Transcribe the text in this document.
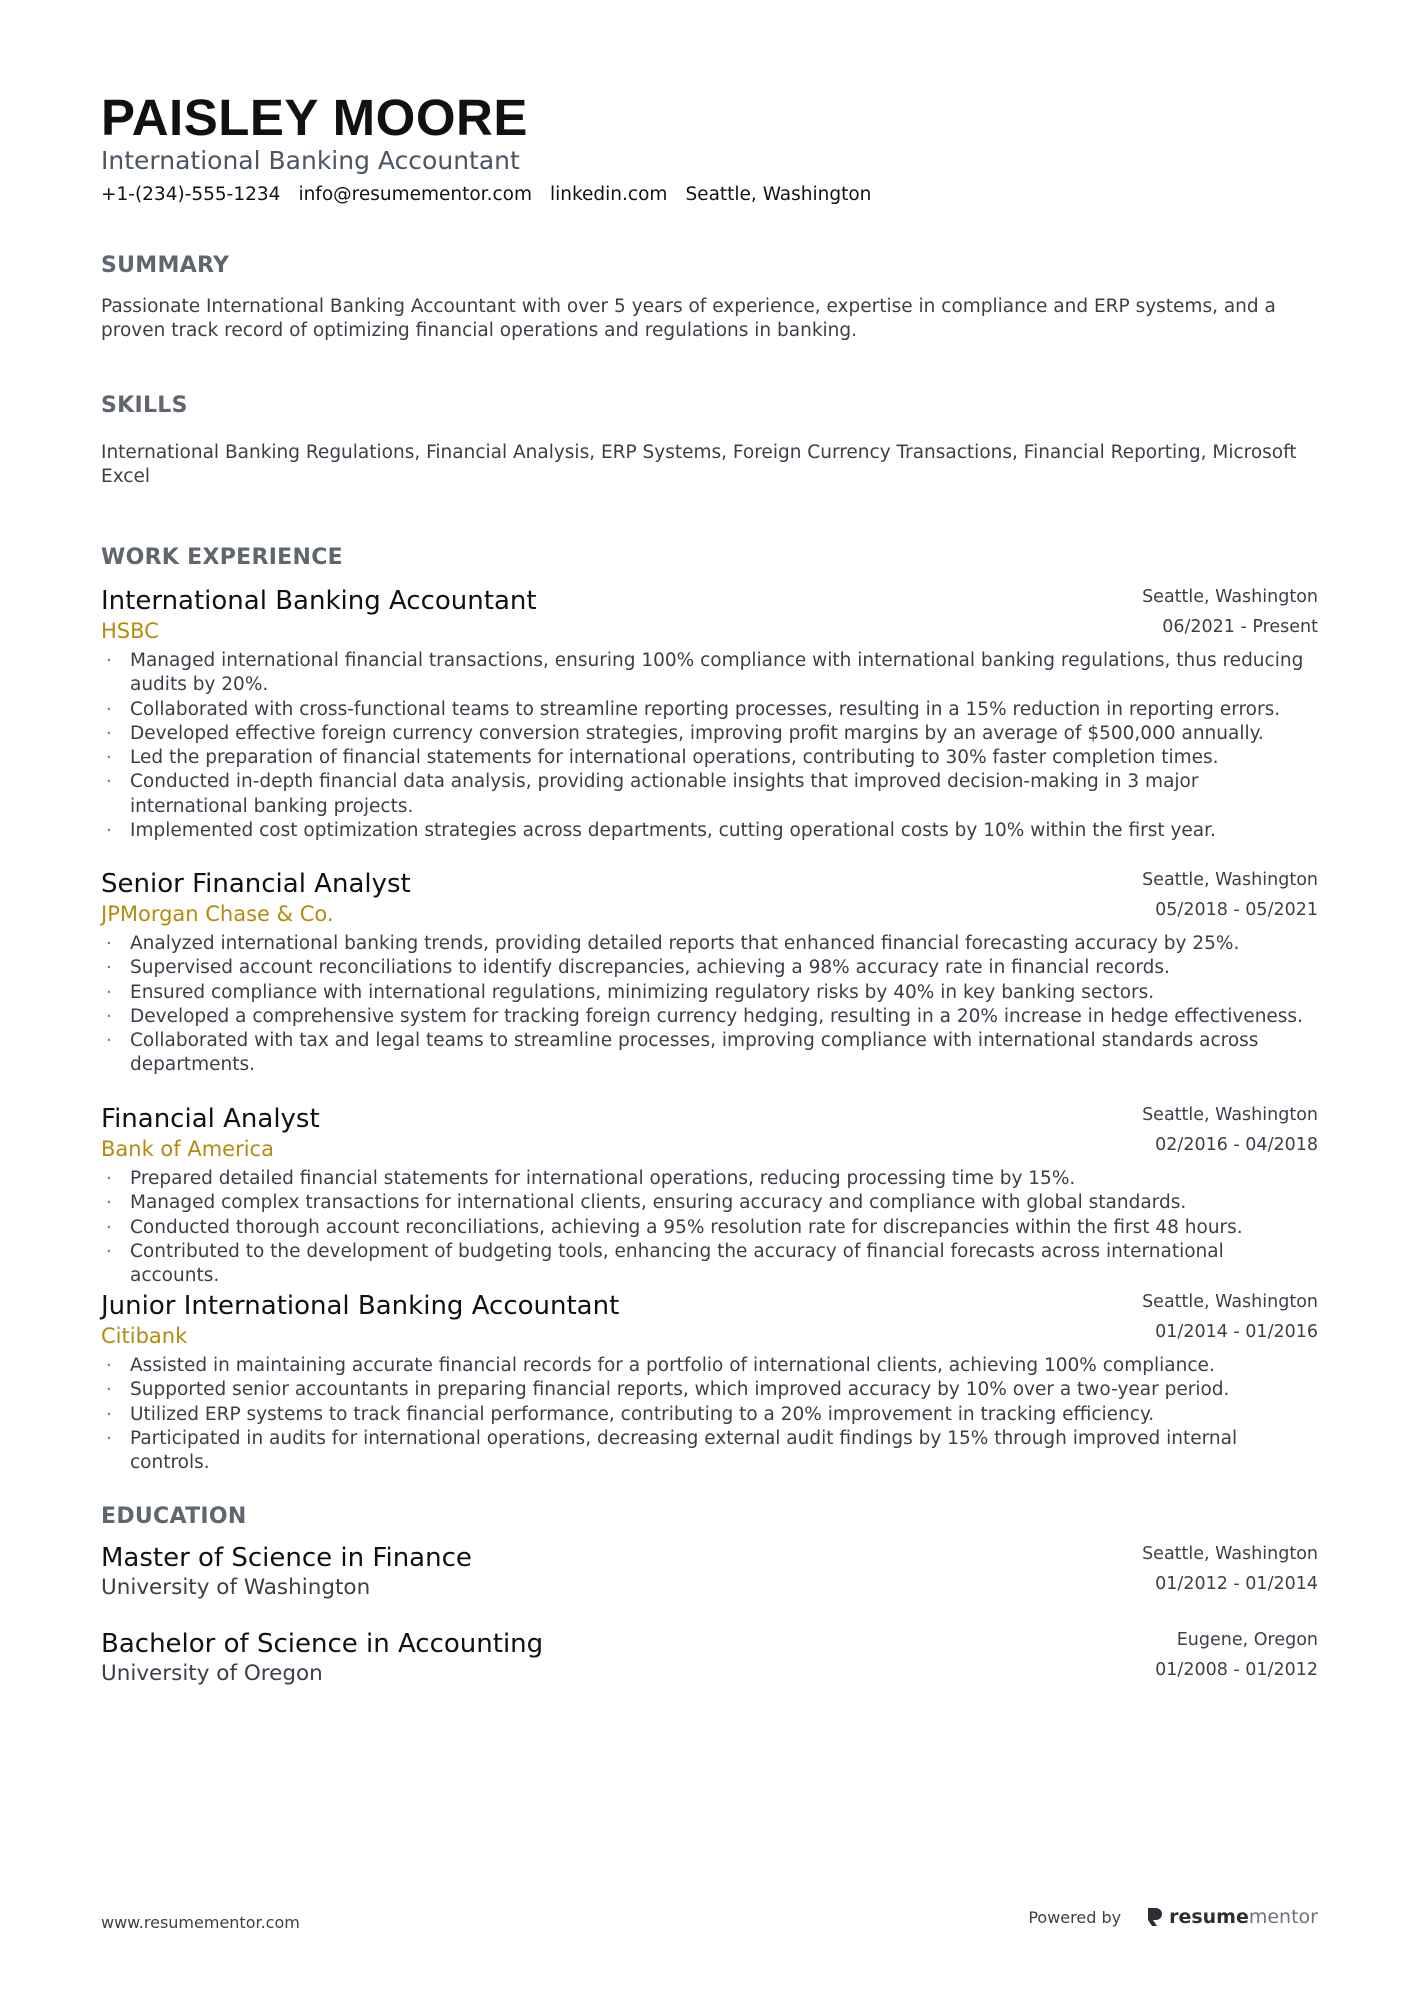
PAISLEY MOORE
International Banking Accountant
+1-(234)-555-1234 info@resumementor.com linkedin.com Seattle, Washington
SUMMARY
Passionate International Banking Accountant with over 5 years of experience, expertise in compliance and ERP systems, and a proven track record of optimizing financial operations and regulations in banking.
SKILLS
International Banking Regulations, Financial Analysis, ERP Systems, Foreign Currency Transactions, Financial Reporting, Microsoft Excel
WORK EXPERIENCE
International Banking Accountant
HSBC
Seattle, Washington
06/2021 - Present
· Managed international financial transactions, ensuring 100% compliance with international banking regulations, thus reducing audits by 20%.
· Collaborated with cross-functional teams to streamline reporting processes, resulting in a 15% reduction in reporting errors.
· Developed effective foreign currency conversion strategies, improving profit margins by an average of $500,000 annually.
· Led the preparation of financial statements for international operations, contributing to 30% faster completion times.
· Conducted in-depth financial data analysis, providing actionable insights that improved decision-making in 3 major international banking projects.
· Implemented cost optimization strategies across departments, cutting operational costs by 10% within the first year.
Senior Financial Analyst
JPMorgan Chase & Co.
Seattle, Washington
05/2018 - 05/2021
· Analyzed international banking trends, providing detailed reports that enhanced financial forecasting accuracy by 25%.
· Supervised account reconciliations to identify discrepancies, achieving a 98% accuracy rate in financial records.
· Ensured compliance with international regulations, minimizing regulatory risks by 40% in key banking sectors.
· Developed a comprehensive system for tracking foreign currency hedging, resulting in a 20% increase in hedge effectiveness.
· Collaborated with tax and legal teams to streamline processes, improving compliance with international standards across departments.
Financial Analyst
Bank of America
Seattle, Washington
02/2016 - 04/2018
· Prepared detailed financial statements for international operations, reducing processing time by 15%.
· Managed complex transactions for international clients, ensuring accuracy and compliance with global standards.
· Conducted thorough account reconciliations, achieving a 95% resolution rate for discrepancies within the first 48 hours.
· Contributed to the development of budgeting tools, enhancing the accuracy of financial forecasts across international accounts.
Junior International Banking Accountant
Citibank
Seattle, Washington
01/2014 - 01/2016
· Assisted in maintaining accurate financial records for a portfolio of international clients, achieving 100% compliance.
· Supported senior accountants in preparing financial reports, which improved accuracy by 10% over a two-year period.
· Utilized ERP systems to track financial performance, contributing to a 20% improvement in tracking efficiency.
· Participated in audits for international operations, decreasing external audit findings by 15% through improved internal controls.
EDUCATION
Master of Science in Finance
University of Washington
Seattle, Washington
01/2012 - 01/2014
Bachelor of Science in Accounting
University of Oregon
Eugene, Oregon
01/2008 - 01/2012
www.resumementor.com	Powered by	resumementor
